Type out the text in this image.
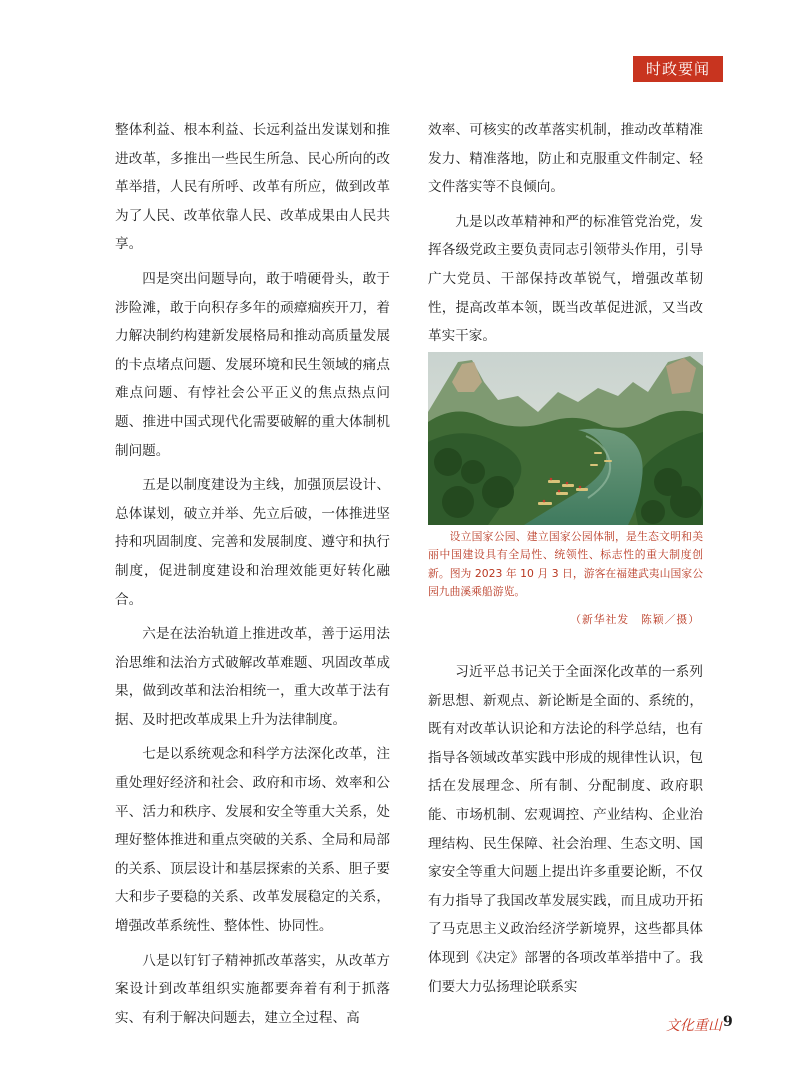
时政要闻

整体利益、根本利益、长远利益出发谋划和推进改革，多推出一些民生所急、民心所向的改革举措，人民有所呼、改革有所应，做到改革为了人民、改革依靠人民、改革成果由人民共享。

四是突出问题导向，敢于啃硬骨头，敢于涉险滩，敢于向积存多年的顽瘴痼疾开刀，着力解决制约构建新发展格局和推动高质量发展的卡点堵点问题、发展环境和民生领域的痛点难点问题、有悖社会公平正义的焦点热点问题、推进中国式现代化需要破解的重大体制机制问题。

五是以制度建设为主线，加强顶层设计、总体谋划，破立并举、先立后破，一体推进坚持和巩固制度、完善和发展制度、遵守和执行制度，促进制度建设和治理效能更好转化融合。

六是在法治轨道上推进改革，善于运用法治思维和法治方式破解改革难题、巩固改革成果，做到改革和法治相统一，重大改革于法有据、及时把改革成果上升为法律制度。

七是以系统观念和科学方法深化改革，注重处理好经济和社会、政府和市场、效率和公平、活力和秩序、发展和安全等重大关系，处理好整体推进和重点突破的关系、全局和局部的关系、顶层设计和基层探索的关系、胆子要大和步子要稳的关系、改革发展稳定的关系，增强改革系统性、整体性、协同性。

八是以钉钉子精神抓改革落实，从改革方案设计到改革组织实施都要奔着有利于抓落实、有利于解决问题去，建立全过程、高

效率、可核实的改革落实机制，推动改革精准发力、精准落地，防止和克服重文件制定、轻文件落实等不良倾向。

九是以改革精神和严的标准管党治党，发挥各级党政主要负责同志引领带头作用，引导广大党员、干部保持改革锐气，增强改革韧性，提高改革本领，既当改革促进派，又当改革实干家。

设立国家公园、建立国家公园体制，是生态文明和美丽中国建设具有全局性、统领性、标志性的重大制度创新。图为 2023 年 10 月 3 日，游客在福建武夷山国家公园九曲溪乘船游览。

（新华社发　陈颖／摄）

习近平总书记关于全面深化改革的一系列新思想、新观点、新论断是全面的、系统的，既有对改革认识论和方法论的科学总结，也有指导各领域改革实践中形成的规律性认识，包括在发展理念、所有制、分配制度、政府职能、市场机制、宏观调控、产业结构、企业治理结构、民生保障、社会治理、生态文明、国家安全等重大问题上提出许多重要论断，不仅有力指导了我国改革发展实践，而且成功开拓了马克思主义政治经济学新境界，这些都具体体现到《决定》部署的各项改革举措中了。我们要大力弘扬理论联系实

文化重山 9
